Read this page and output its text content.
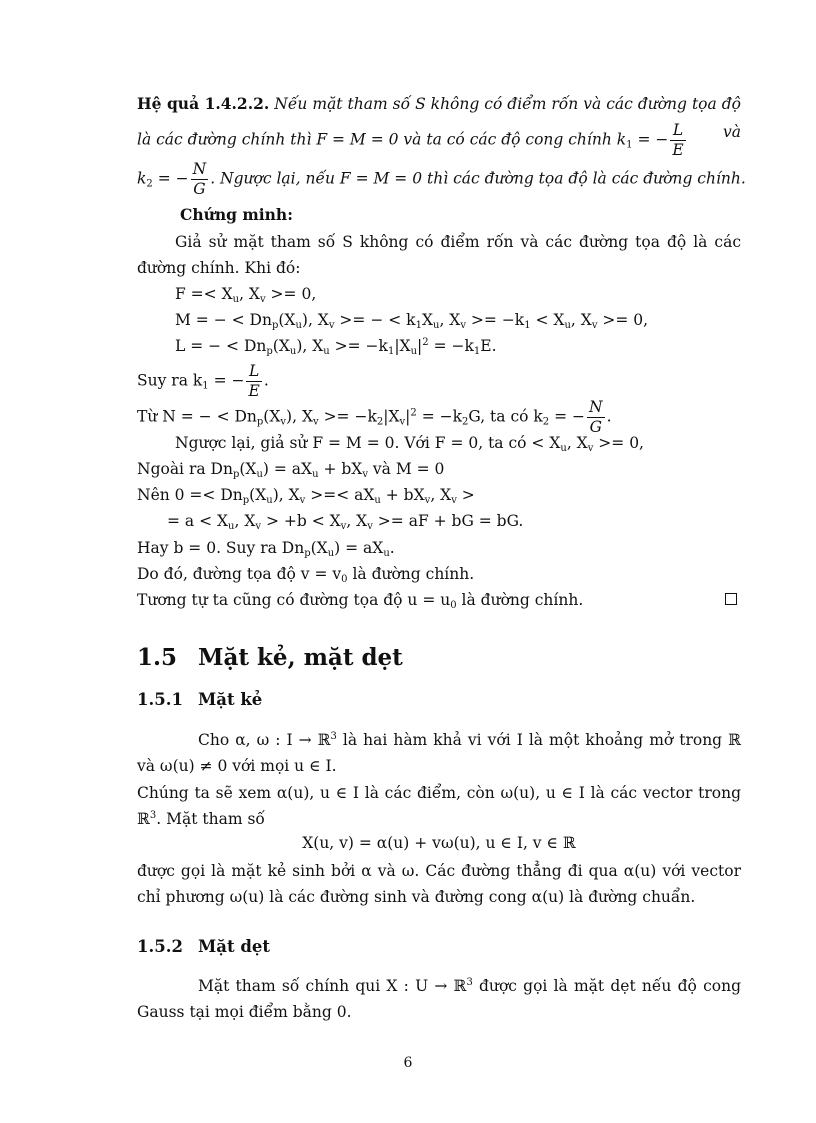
Hệ quả 1.4.2.2. Nếu mặt tham số S không có điểm rốn và các đường tọa độ
là các đường chính thì F = M = 0 và ta có các độ cong chính $k_1$ = − $\frac{L}{E}$ và
$k_2$ = − $\frac{N}{G}$ . Ngược lại, nếu F = M = 0 thì các đường tọa độ là các đường chính.
Chứng minh:
Giả sử mặt tham số S không có điểm rốn và các đường tọa độ là các
đường chính. Khi đó:
$F =< X_u$, $X_v >= 0$,
M = − < $Dn_p(X_u)$, $X_v$ >= − < $k_1X_u$, $X_v >= -k_1 < X_u$, $X_v >= 0$,
L = − < $Dn_p(X_u)$, $X_u >= -k_1|X_u|^2 = -k_1E$.
Suy ra $k_1$ = − $\frac{L}{E}$ .
Từ N = − < $Dn_p(X_v)$, $X_v >= -k_2|X_v|^2 = -k_2G$, ta có $k_2$ = − $\frac{N}{G}$ .
Ngược lại, giả sử F = M = 0. Với F = 0, ta có < $X_u$, $X_v >= 0$,
Ngoài ra $Dn_p(X_u) = aX_u + bX_v$ và M = 0
Nên $0 =< Dn_p(X_u)$, $X_v$ >=< $aX_u + bX_v$, $X_v$ >
= $a < X_u$, $X_v > +b < X_v$, $X_v$ >= aF + bG = bG.
Hay b = 0. Suy ra $Dn_p(X_u) = aX_u$.
Do đó, đường tọa độ $v = v_0$ là đường chính.
Tương tự ta cũng có đường tọa độ $u = u_0$ là đường chính.
1.5 Mặt kẻ, mặt dẹt
1.5.1 Mặt kẻ
Cho α, ω : I → ℝ$^3$ là hai hàm khả vi với I là một khoảng mở trong ℝ
và ω(u) ≠ 0 với mọi u ∈ I.
Chúng ta sẽ xem α(u), u ∈ I là các điểm, còn ω(u), u ∈ I là các vector trong
ℝ$^3$. Mặt tham số
X(u, v) = α(u) + vω(u), u ∈ I, v ∈ ℝ
được gọi là mặt kẻ sinh bởi α và ω. Các đường thẳng đi qua α(u) với vector
chỉ phương ω(u) là các đường sinh và đường cong α(u) là đường chuẩn.
1.5.2 Mặt dẹt
Mặt tham số chính qui X : U → ℝ$^3$ được gọi là mặt dẹt nếu độ cong
Gauss tại mọi điểm bằng 0.
6
